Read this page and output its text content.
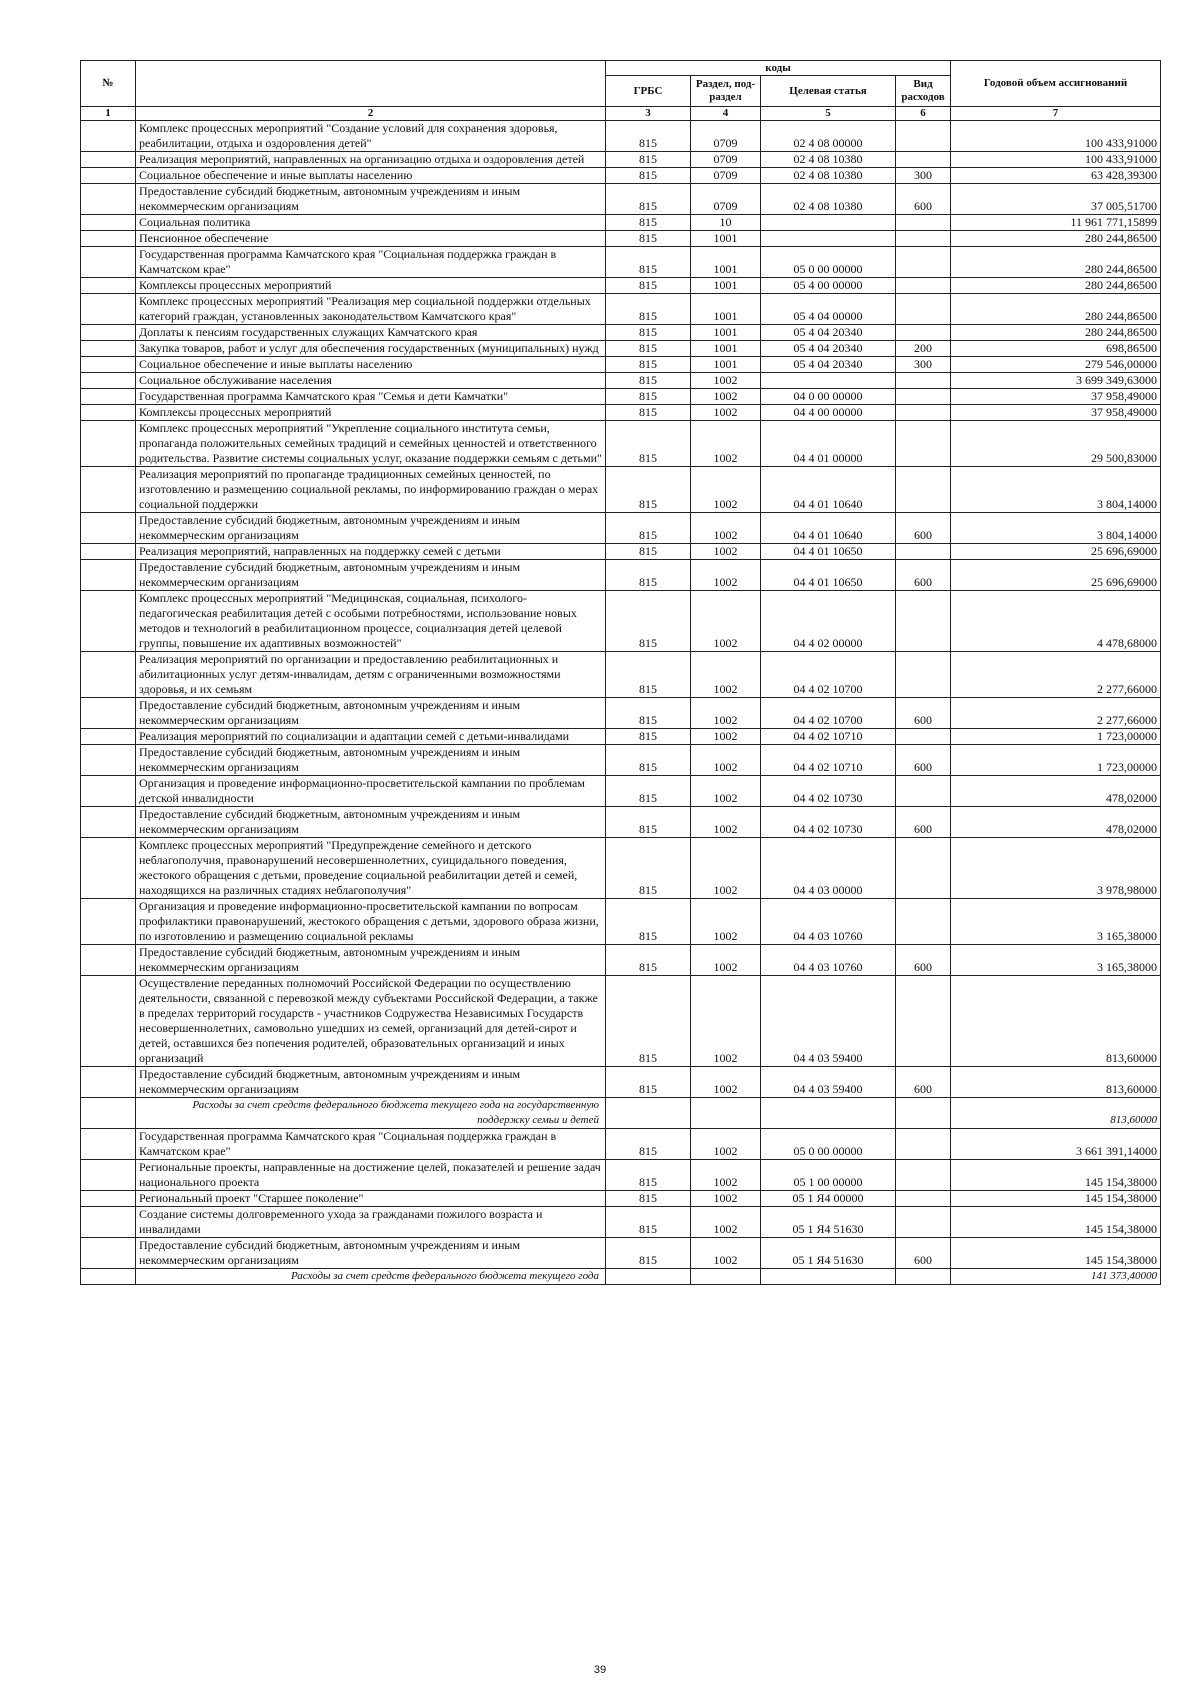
№		коды				Годовой объем ассигнований
		ГРБС	Раздел, под-раздел	Целевая статья	Вид расходов	
1	2	3	4	5	6	7
	Комплекс процессных мероприятий "Создание условий для сохранения здоровья, реабилитации, отдыха и оздоровления детей"	815	0709	02 4 08 00000		100 433,91000
	Реализация мероприятий, направленных на организацию отдыха и оздоровления детей	815	0709	02 4 08 10380		100 433,91000
	Социальное обеспечение и иные выплаты населению	815	0709	02 4 08 10380	300	63 428,39300
	Предоставление субсидий бюджетным, автономным учреждениям и иным некоммерческим организациям	815	0709	02 4 08 10380	600	37 005,51700
	Социальная политика	815	10			11 961 771,15899
	Пенсионное обеспечение	815	1001			280 244,86500
	Государственная программа Камчатского края "Социальная поддержка граждан в Камчатском крае"	815	1001	05 0 00 00000		280 244,86500
	Комплексы процессных мероприятий	815	1001	05 4 00 00000		280 244,86500
	Комплекс процессных мероприятий "Реализация мер социальной поддержки отдельных категорий граждан, установленных законодательством Камчатского края"	815	1001	05 4 04 00000		280 244,86500
	Доплаты к пенсиям государственных служащих Камчатского края	815	1001	05 4 04 20340		280 244,86500
	Закупка товаров, работ и услуг для обеспечения государственных (муниципальных) нужд	815	1001	05 4 04 20340	200	698,86500
	Социальное обеспечение и иные выплаты населению	815	1001	05 4 04 20340	300	279 546,00000
	Социальное обслуживание населения	815	1002			3 699 349,63000
	Государственная программа Камчатского края "Семья и дети Камчатки"	815	1002	04 0 00 00000		37 958,49000
	Комплексы процессных мероприятий	815	1002	04 4 00 00000		37 958,49000
	Комплекс процессных мероприятий "Укрепление социального института семьи, пропаганда положительных семейных традиций и семейных ценностей и ответственного родительства. Развитие системы социальных услуг, оказание поддержки семьям с детьми"	815	1002	04 4 01 00000		29 500,83000
	Реализация мероприятий по пропаганде традиционных семейных ценностей, по изготовлению и размещению социальной рекламы, по информированию граждан о мерах социальной поддержки	815	1002	04 4 01 10640		3 804,14000
	Предоставление субсидий бюджетным, автономным учреждениям и иным некоммерческим организациям	815	1002	04 4 01 10640	600	3 804,14000
	Реализация мероприятий, направленных на поддержку семей с детьми	815	1002	04 4 01 10650		25 696,69000
	Предоставление субсидий бюджетным, автономным учреждениям и иным некоммерческим организациям	815	1002	04 4 01 10650	600	25 696,69000
	Комплекс процессных мероприятий "Медицинская, социальная, психолого-педагогическая реабилитация детей с особыми потребностями, использование новых методов и технологий в реабилитационном процессе, социализация детей целевой группы, повышение их адаптивных возможностей"	815	1002	04 4 02 00000		4 478,68000
	Реализация мероприятий по организации и предоставлению реабилитационных и абилитационных услуг детям-инвалидам, детям с ограниченными возможностями здоровья, и их семьям	815	1002	04 4 02 10700		2 277,66000
	Предоставление субсидий бюджетным, автономным учреждениям и иным некоммерческим организациям	815	1002	04 4 02 10700	600	2 277,66000
	Реализация мероприятий по социализации и адаптации семей с детьми-инвалидами	815	1002	04 4 02 10710		1 723,00000
	Предоставление субсидий бюджетным, автономным учреждениям и иным некоммерческим организациям	815	1002	04 4 02 10710	600	1 723,00000
	Организация и проведение информационно-просветительской кампании по проблемам детской инвалидности	815	1002	04 4 02 10730		478,02000
	Предоставление субсидий бюджетным, автономным учреждениям и иным некоммерческим организациям	815	1002	04 4 02 10730	600	478,02000
	Комплекс процессных мероприятий "Предупреждение семейного и детского неблагополучия, правонарушений несовершеннолетних, суицидального поведения, жестокого обращения с детьми, проведение социальной реабилитации детей и семей, находящихся на различных стадиях неблагополучия"	815	1002	04 4 03 00000		3 978,98000
	Организация и проведение информационно-просветительской кампании по вопросам профилактики правонарушений, жестокого обращения с детьми, здорового образа жизни, по изготовлению и размещению социальной рекламы	815	1002	04 4 03 10760		3 165,38000
	Предоставление субсидий бюджетным, автономным учреждениям и иным некоммерческим организациям	815	1002	04 4 03 10760	600	3 165,38000
	Осуществление переданных полномочий Российской Федерации по осуществлению деятельности, связанной с перевозкой между субъектами Российской Федерации, а также в пределах территорий государств - участников Содружества Независимых Государств несовершеннолетних, самовольно ушедших из семей, организаций для детей-сирот и детей, оставшихся без попечения родителей, образовательных организаций и иных организаций	815	1002	04 4 03 59400		813,60000
	Предоставление субсидий бюджетным, автономным учреждениям и иным некоммерческим организациям	815	1002	04 4 03 59400	600	813,60000
	Расходы за счет средств федерального бюджета текущего года на государственную поддержку семьи и детей					813,60000
	Государственная программа Камчатского края "Социальная поддержка граждан в Камчатском крае"	815	1002	05 0 00 00000		3 661 391,14000
	Региональные проекты, направленные на достижение целей, показателей и решение задач национального проекта	815	1002	05 1 00 00000		145 154,38000
	Региональный проект "Старшее поколение"	815	1002	05 1 Я4 00000		145 154,38000
	Создание системы долговременного ухода за гражданами пожилого возраста и инвалидами	815	1002	05 1 Я4 51630		145 154,38000
	Предоставление субсидий бюджетным, автономным учреждениям и иным некоммерческим организациям	815	1002	05 1 Я4 51630	600	145 154,38000
	Расходы за счет средств федерального бюджета текущего года					141 373,40000
39
